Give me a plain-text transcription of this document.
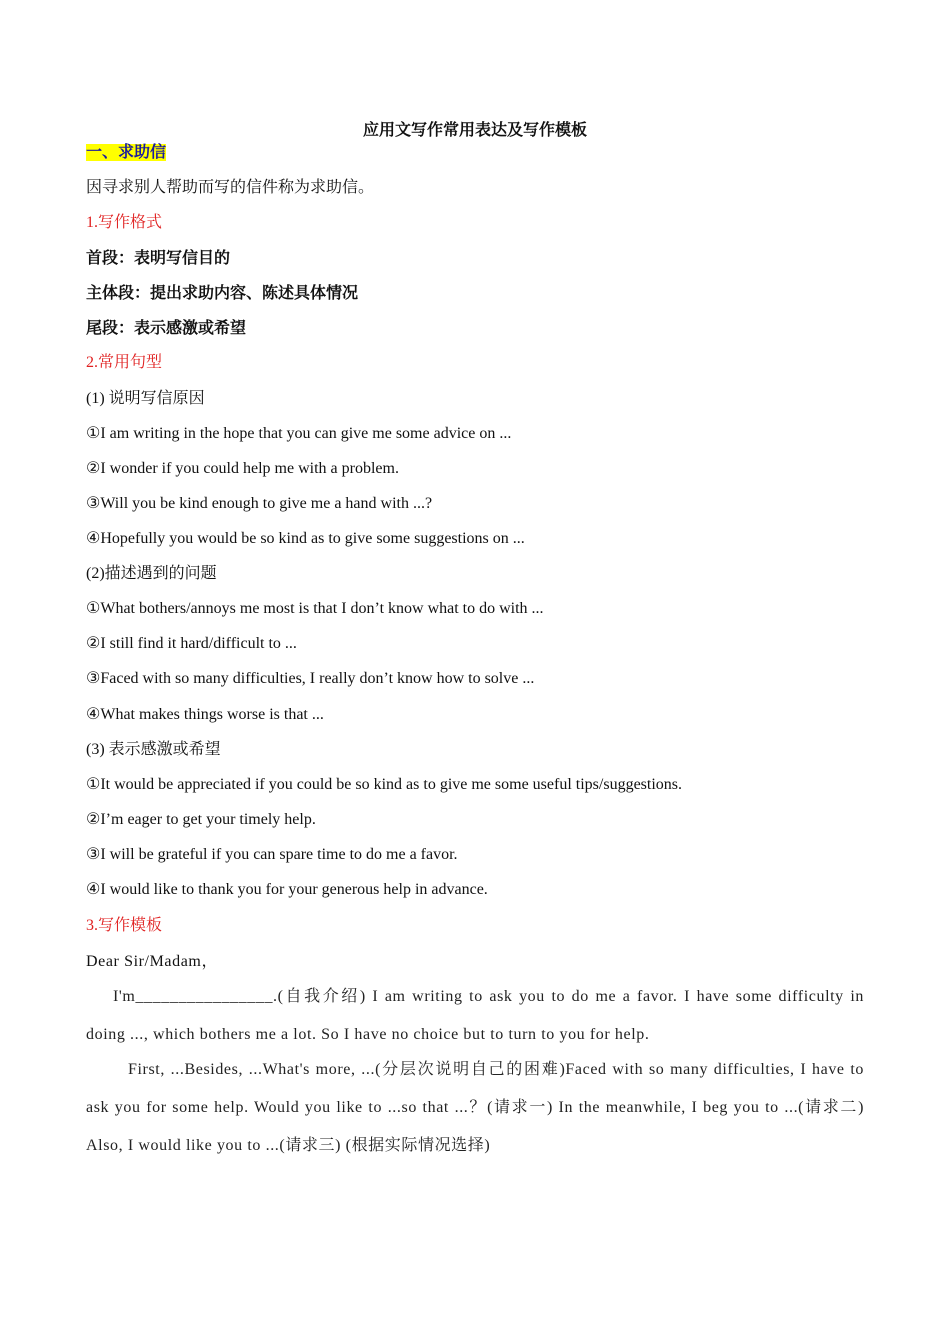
应用文写作常用表达及写作模板
一、求助信
因寻求别人帮助而写的信件称为求助信。
1.写作格式
首段：表明写信目的
主体段：提出求助内容、陈述具体情况
尾段：表示感激或希望
2.常用句型
(1) 说明写信原因
①I am writing in the hope that you can give me some advice on ...
②I wonder if you could help me with a problem.
③Will you be kind enough to give me a hand with ...?
④Hopefully you would be so kind as to give some suggestions on ...
(2)描述遇到的问题
①What bothers/annoys me most is that I don’t know what to do with ...
②I still find it hard/difficult to ...
③Faced with so many difficulties, I really don’t know how to solve ...
④What makes things worse is that ...
(3) 表示感激或希望
①It would be appreciated if you could be so kind as to give me some useful tips/suggestions.
②I’m eager to get your timely help.
③I will be grateful if you can spare time to do me a favor.
④I would like to thank you for your generous help in advance.
3.写作模板
Dear Sir/Madam，
I'm________________.(自我介绍) I am writing to ask you to do me a favor. I have some difficulty in doing ..., which bothers me a lot. So I have no choice but to turn to you for help.
First, ...Besides, ...What's more, ...(分层次说明自己的困难)Faced with so many difficulties, I have to ask you for some help. Would you like to ...so that ...？(请求一) In the meanwhile, I beg you to ...(请求二) Also, I would like you to ...(请求三) (根据实际情况选择)
